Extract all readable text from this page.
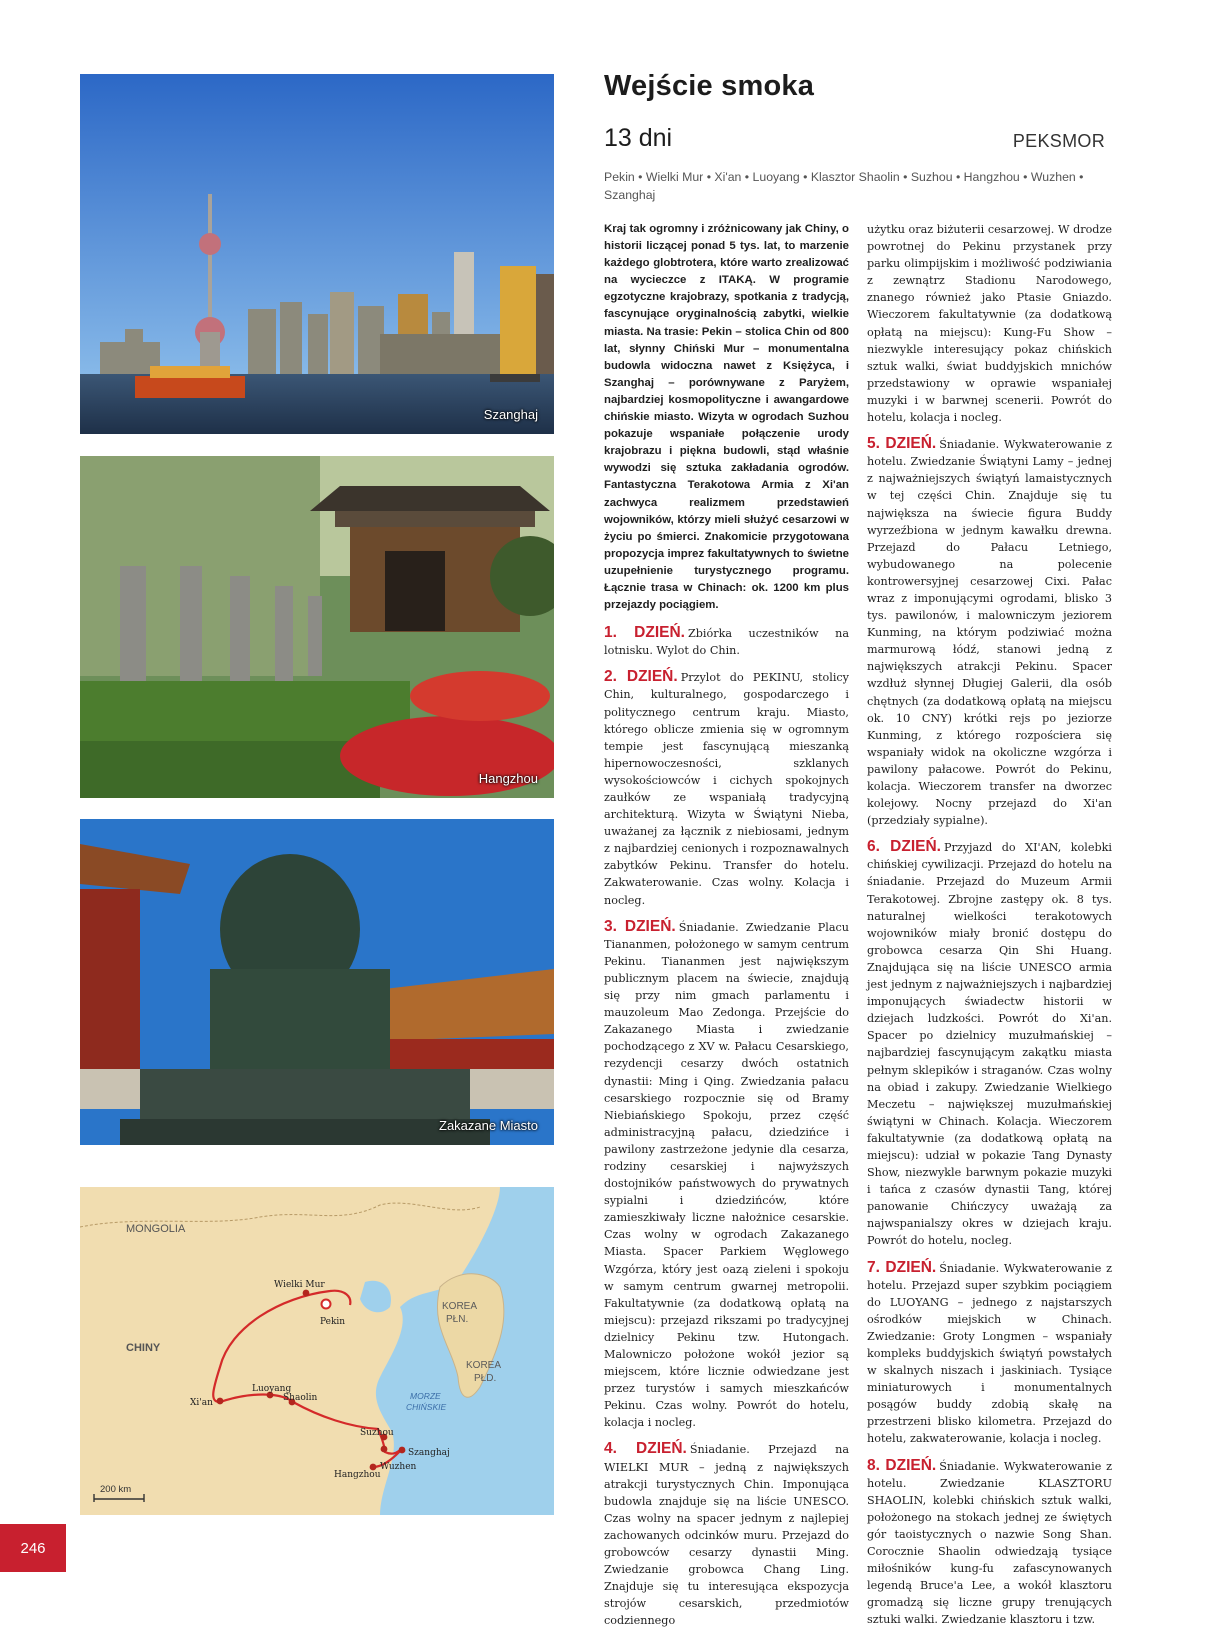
Szanghaj
Hangzhou
Zakazane Miasto
MONGOLIA
CHINY
KOREA
PŁN.
KOREA
PŁD.
MORZE
CHIŃSKIE
Wielki Mur
Pekin
Xi'an
Luoyang
Shaolin
Suzhou
Szanghaj
Hangzhou
Wuzhen
200 km
Wejście smoka
13 dni	PEKSMOR
Pekin • Wielki Mur • Xi'an • Luoyang • Klasztor Shaolin • Suzhou • Hangzhou • Wuzhen • Szanghaj

Kraj tak ogromny i zróżnicowany jak Chiny, o historii liczącej ponad 5 tys. lat, to marzenie każdego globtrotera, które warto zrealizować na wycieczce z ITAKĄ. W programie egzotyczne krajobrazy, spotkania z tradycją, fascynujące oryginalnością zabytki, wielkie miasta. Na trasie: Pekin – stolica Chin od 800 lat, słynny Chiński Mur – monumentalna budowla widoczna nawet z Księżyca, i Szanghaj – porównywane z Paryżem, najbardziej kosmopolityczne i awangardowe chińskie miasto. Wizyta w ogrodach Suzhou pokazuje wspaniałe połączenie urody krajobrazu i piękna budowli, stąd właśnie wywodzi się sztuka zakładania ogrodów. Fantastyczna Terakotowa Armia z Xi'an zachwyca realizmem przedstawień wojowników, którzy mieli służyć cesarzowi w życiu po śmierci. Znakomicie przygotowana propozycja imprez fakultatywnych to świetne uzupełnienie turystycznego programu. Łącznie trasa w Chinach: ok. 1200 km plus przejazdy pociągiem.

1. DZIEŃ. Zbiórka uczestników na lotnisku. Wylot do Chin.

2. DZIEŃ. Przylot do PEKINU, stolicy Chin, kulturalnego, gospodarczego i politycznego centrum kraju. Miasto, którego oblicze zmienia się w ogromnym tempie jest fascynującą mieszanką hipernowoczesności, szklanych wysokościowców i cichych spokojnych zaułków ze wspaniałą tradycyjną architekturą. Wizyta w Świątyni Nieba, uważanej za łącznik z niebiosami, jednym z najbardziej cenionych i rozpoznawalnych zabytków Pekinu. Transfer do hotelu. Zakwaterowanie. Czas wolny. Kolacja i nocleg.

3. DZIEŃ. Śniadanie. Zwiedzanie Placu Tiananmen, położonego w samym centrum Pekinu. Tiananmen jest największym publicznym placem na świecie, znajdują się przy nim gmach parlamentu i mauzoleum Mao Zedonga. Przejście do Zakazanego Miasta i zwiedzanie pochodzącego z XV w. Pałacu Cesarskiego, rezydencji cesarzy dwóch ostatnich dynastii: Ming i Qing. Zwiedzania pałacu cesarskiego rozpocznie się od Bramy Niebiańskiego Spokoju, przez część administracyjną pałacu, dziedzińce i pawilony zastrzeżone jedynie dla cesarza, rodziny cesarskiej i najwyższych dostojników państwowych do prywatnych sypialni i dziedzińców, które zamieszkiwały liczne nałożnice cesarskie. Czas wolny w ogrodach Zakazanego Miasta. Spacer Parkiem Węglowego Wzgórza, który jest oazą zieleni i spokoju w samym centrum gwarnej metropolii. Fakultatywnie (za dodatkową opłatą na miejscu): przejazd rikszami po tradycyjnej dzielnicy Pekinu tzw. Hutongach. Malowniczo położone wokół jezior są miejscem, które licznie odwiedzane jest przez turystów i samych mieszkańców Pekinu. Czas wolny. Powrót do hotelu, kolacja i nocleg.

4. DZIEŃ. Śniadanie. Przejazd na WIELKI MUR – jedną z największych atrakcji turystycznych Chin. Imponująca budowla znajduje się na liście UNESCO. Czas wolny na spacer jednym z najlepiej zachowanych odcinków muru. Przejazd do grobowców cesarzy dynastii Ming. Zwiedzanie grobowca Chang Ling. Znajduje się tu interesująca ekspozycja strojów cesarskich, przedmiotów codziennego

użytku oraz biżuterii cesarzowej. W drodze powrotnej do Pekinu przystanek przy parku olimpijskim i możliwość podziwiania z zewnątrz Stadionu Narodowego, znanego również jako Ptasie Gniazdo. Wieczorem fakultatywnie (za dodatkową opłatą na miejscu): Kung-Fu Show – niezwykle interesujący pokaz chińskich sztuk walki, świat buddyjskich mnichów przedstawiony w oprawie wspaniałej muzyki i w barwnej scenerii. Powrót do hotelu, kolacja i nocleg.

5. DZIEŃ. Śniadanie. Wykwaterowanie z hotelu. Zwiedzanie Świątyni Lamy – jednej z najważniejszych świątyń lamaistycznych w tej części Chin. Znajduje się tu największa na świecie figura Buddy wyrzeźbiona w jednym kawałku drewna. Przejazd do Pałacu Letniego, wybudowanego na polecenie kontrowersyjnej cesarzowej Cixi. Pałac wraz z imponującymi ogrodami, blisko 3 tys. pawilonów, i malowniczym jeziorem Kunming, na którym podziwiać można marmurową łódź, stanowi jedną z największych atrakcji Pekinu. Spacer wzdłuż słynnej Długiej Galerii, dla osób chętnych (za dodatkową opłatą na miejscu ok. 10 CNY) krótki rejs po jeziorze Kunming, z którego rozpościera się wspaniały widok na okoliczne wzgórza i pawilony pałacowe. Powrót do Pekinu, kolacja. Wieczorem transfer na dworzec kolejowy. Nocny przejazd do Xi'an (przedziały sypialne).

6. DZIEŃ. Przyjazd do XI'AN, kolebki chińskiej cywilizacji. Przejazd do hotelu na śniadanie. Przejazd do Muzeum Armii Terakotowej. Zbrojne zastępy ok. 8 tys. naturalnej wielkości terakotowych wojowników miały bronić dostępu do grobowca cesarza Qin Shi Huang. Znajdująca się na liście UNESCO armia jest jednym z najważniejszych i najbardziej imponujących świadectw historii w dziejach ludzkości. Powrót do Xi'an. Spacer po dzielnicy muzułmańskiej – najbardziej fascynującym zakątku miasta pełnym sklepików i straganów. Czas wolny na obiad i zakupy. Zwiedzanie Wielkiego Meczetu – największej muzułmańskiej świątyni w Chinach. Kolacja. Wieczorem fakultatywnie (za dodatkową opłatą na miejscu): udział w pokazie Tang Dynasty Show, niezwykle barwnym pokazie muzyki i tańca z czasów dynastii Tang, której panowanie Chińczycy uważają za najwspanialszy okres w dziejach kraju. Powrót do hotelu, nocleg.

7. DZIEŃ. Śniadanie. Wykwaterowanie z hotelu. Przejazd super szybkim pociągiem do LUOYANG – jednego z najstarszych ośrodków miejskich w Chinach. Zwiedzanie: Groty Longmen – wspaniały kompleks buddyjskich świątyń powstałych w skalnych niszach i jaskiniach. Tysiące miniaturowych i monumentalnych posągów buddy zdobią skałę na przestrzeni blisko kilometra. Przejazd do hotelu, zakwaterowanie, kolacja i nocleg.

8. DZIEŃ. Śniadanie. Wykwaterowanie z hotelu. Zwiedzanie KLASZTORU SHAOLIN, kolebki chińskich sztuk walki, położonego na stokach jednej ze świętych gór taoistycznych o nazwie Song Shan. Corocznie Shaolin odwiedzają tysiące miłośników kung-fu zafascynowanych legendą Bruce'a Lee, a wokół klasztoru gromadzą się liczne grupy trenujących sztuki walki. Zwiedzanie klasztoru i tzw.

246
